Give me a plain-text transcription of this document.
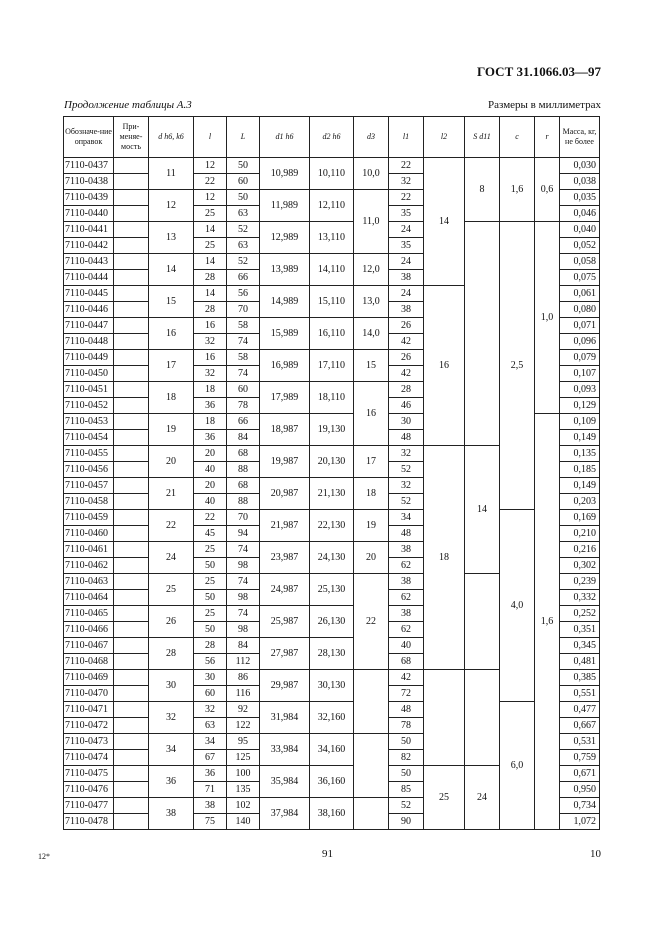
ГОСТ 31.1066.03—97
Продолжение таблицы А.3	Размеры в миллиметрах
Обозначе-ние оправок	При-меняе-мость	d h6, k6	l	L	d1 h6	d2 h6	d3	l1	l2	S d11	c	r	Масса, кг, не более
7110-0437		11	12	50	10,989	10,110	10,0	22	14	8	1,6	0,6	0,030
7110-0438			22	60				32					0,038
7110-0439		12	12	50	11,989	12,110	11,0	22					0,035
7110-0440			25	63				35					0,046
7110-0441		13	14	52	12,989	13,110		24			2,5	1,0	0,040
7110-0442			25	63				35					0,052
7110-0443		14	14	52	13,989	14,110	12,0	24					0,058
7110-0444			28	66				38					0,075
7110-0445		15	14	56	14,989	15,110	13,0	24	16				0,061
7110-0446			28	70				38					0,080
7110-0447		16	16	58	15,989	16,110	14,0	26					0,071
7110-0448			32	74				42					0,096
7110-0449		17	16	58	16,989	17,110	15	26					0,079
7110-0450			32	74				42					0,107
7110-0451		18	18	60	17,989	18,110	16	28					0,093
7110-0452			36	78				46					0,129
7110-0453		19	18	66	18,987	19,130		30				1,6	0,109
7110-0454			36	84				48					0,149
7110-0455		20	20	68	19,987	20,130	17	32	18	14			0,135
7110-0456			40	88				52					0,185
7110-0457		21	20	68	20,987	21,130	18	32					0,149
7110-0458			40	88				52					0,203
7110-0459		22	22	70	21,987	22,130	19	34			4,0		0,169
7110-0460			45	94				48					0,210
7110-0461		24	25	74	23,987	24,130	20	38					0,216
7110-0462			50	98				62					0,302
7110-0463		25	25	74	24,987	25,130	22	38					0,239
7110-0464			50	98				62					0,332
7110-0465		26	25	74	25,987	26,130		38					0,252
7110-0466			50	98				62					0,351
7110-0467		28	28	84	27,987	28,130		40					0,345
7110-0468			56	112				68					0,481
7110-0469		30	30	86	29,987	30,130		42					0,385
7110-0470			60	116				72					0,551
7110-0471		32	32	92	31,984	32,160		48			6,0		0,477
7110-0472			63	122				78					0,667
7110-0473		34	34	95	33,984	34,160		50					0,531
7110-0474			67	125				82					0,759
7110-0475		36	36	100	35,984	36,160		50	25	24			0,671
7110-0476			71	135				85					0,950
7110-0477		38	38	102	37,984	38,160		52					0,734
7110-0478			75	140				90					1,072
12*	91	10
